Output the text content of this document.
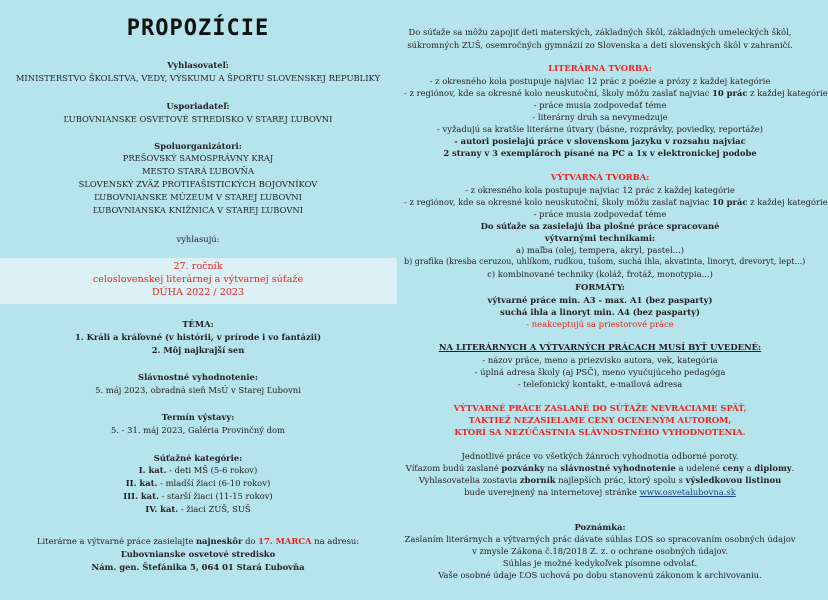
PROPOZÍCIE
Vyhlasovateľ:
MINISTERSTVO ŠKOLSTVA, VEDY, VÝSKUMU A ŠPORTU SLOVENSKEJ REPUBLIKY
Usporiadateľ:
ĽUBOVNIANSKE OSVETOVÉ STREDISKO V STAREJ ĽUBOVNI
Spoluorganizátori:
PREŠOVSKÝ SAMOSPRÁVNY KRAJ
MESTO STARÁ ĽUBOVŇA
SLOVENSKÝ ZVÄZ PROTIFAŠISTICKÝCH BOJOVNÍKOV
ĽUBOVNIANSKE MÚZEUM V STAREJ ĽUBOVNI
ĽUBOVNIANSKA KNIŽNICA V STAREJ ĽUBOVNI
vyhlasujú:
27. ročník
celoslovenskej literárnej a výtvarnej súťaže
DÚHA 2022 / 2023
TÉMA:
1. Králi a kráľovné (v histórii, v prírode i vo fantázii)
2. Môj najkrajší sen
Slávnostné vyhodnotenie:
5. máj 2023, obradná sieň MsÚ v Starej Ľubovni
Termín výstavy:
5. - 31. máj 2023, Galéria Provinčný dom
Súťažné kategórie:
I. kat. - deti MŠ (5-6 rokov)
II. kat. - mladší žiaci (6-10 rokov)
III. kat. - starší žiaci (11-15 rokov)
IV. kat. - žiaci ZUŠ, SUŠ
Literárne a výtvarné práce zasielajte najneskôr do 17. MARCA na adresu:
Ľubovnianske osvetové stredisko
Nám. gen. Štefánika 5, 064 01 Stará Ľubovňa
Do súťaže sa môžu zapojiť deti materských, základných škôl, základných umeleckých škôl,
súkromných ZUŠ, osemročných gymnázií zo Slovenska a deti slovenských škôl v zahraničí.
LITERÁRNA TVORBA:
- z okresného kola postupuje najviac 12 prác z poézie a prózy z každej kategórie
- z regiónov, kde sa okresné kolo neuskutoční, školy môžu zaslať najviac 10 prác z každej kategórie
- práce musia zodpovedať téme
- literárny druh sa nevymedzuje
- vyžadujú sa kratšie literárne útvary (básne, rozprávky, poviedky, reportáže)
- autori posielajú práce v slovenskom jazyku v rozsahu najviac
2 strany v 3 exemplároch písané na PC a 1x v elektronickej podobe
VÝTVARNÁ TVORBA:
- z okresného kola postupuje najviac 12 prác z každej kategórie
- z regiónov, kde sa okresné kolo neuskutoční, školy môžu zaslať najviac 10 prác z každej kategórie
- práce musia zodpovedať téme
Do súťaže sa zasielajú iba plošné práce spracované
výtvarnými technikami:
a) maľba (olej, tempera, akryl, pastel...)
b) grafika (kresba ceruzou, uhlíkom, rudkou, tušom, suchá ihla, akvatinta, linoryt, drevoryt, lept...)
c) kombinované techniky (koláž, frotáž, monotypia...)
FORMÁTY:
výtvarné práce min. A3 - max. A1 (bez pasparty)
suchá ihla a linoryt min. A4 (bez pasparty)
- neakceptujú sa priestorové práce
NA LITERÁRNYCH A VÝTVARNÝCH PRÁCACH MUSÍ BYŤ UVEDENÉ:
- názov práce, meno a priezvisko autora, vek, kategória
- úplná adresa školy (aj PSČ), meno vyučujúceho pedagóga
- telefonický kontakt, e-mailová adresa
VÝTVARNÉ PRÁCE ZASLANÉ DO SÚŤAŽE NEVRACIAME SPÄŤ,
TAKTIEŽ NEZASIELAME CENY OCENENÝM AUTOROM,
KTORÍ SA NEZÚČASTNIA SLÁVNOSTNÉHO VYHODNOTENIA.
Jednotlivé práce vo všetkých žánroch vyhodnotia odborné poroty.
Víťazom budú zaslané pozvánky na slávnostné vyhodnotenie a udelené ceny a diplomy.
Vyhlasovatelia zostavia zborník najlepších prác, ktorý spolu s výsledkovou listinou
bude uverejnený na internetovej stránke www.osvetalubovna.sk
Poznámka:
Zaslaním literárnych a výtvarných prác dávate súhlas ĽOS so spracovaním osobných údajov
v zmysle Zákona č.18/2018 Z. z. o ochrane osobných údajov.
Súhlas je možné kedykoľvek písomne odvolať.
Vaše osobné údaje ĽOS uchová po dobu stanovenú zákonom k archivovaniu.
